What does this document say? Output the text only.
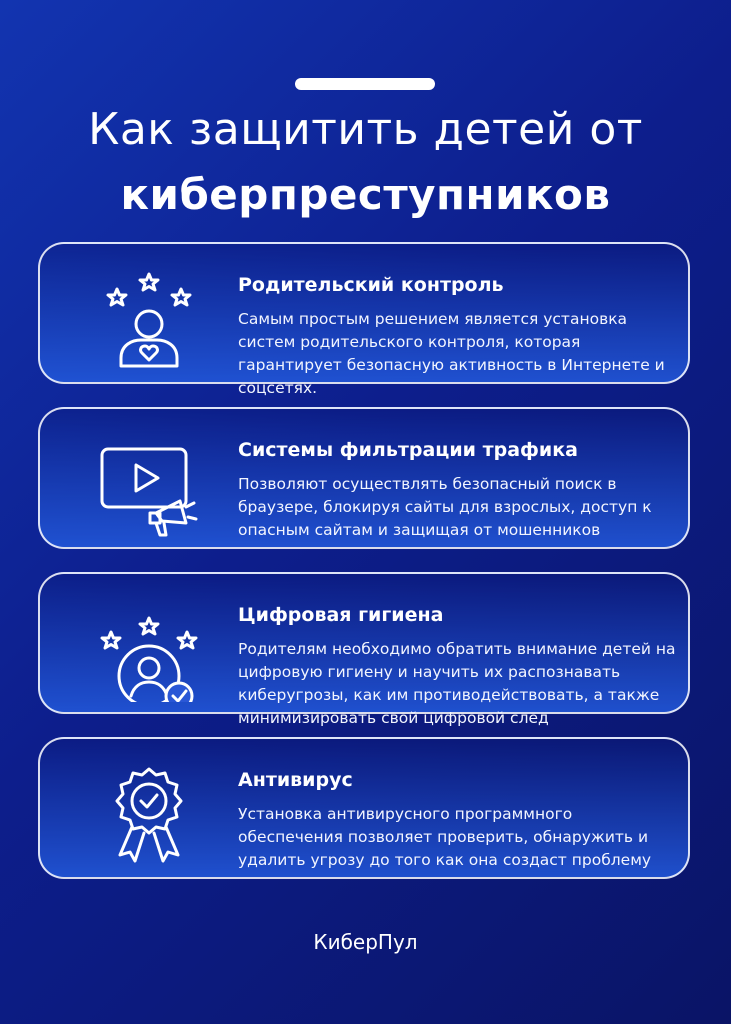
Как защитить детей от
киберпреступников
Родительский контроль
Самым простым решением является установка систем родительского контроля, которая гарантирует безопасную активность в Интернете и соцсетях.
Системы фильтрации трафика
Позволяют осуществлять безопасный поиск в браузере, блокируя сайты для взрослых, доступ к опасным сайтам и защищая от мошенников
Цифровая гигиена
Родителям необходимо обратить внимание детей на цифровую гигиену и научить их распознавать киберугрозы, как им противодействовать, а также минимизировать свой цифровой след
Антивирус
Установка антивирусного программного обеспечения позволяет проверить, обнаружить и удалить угрозу до того как она создаст проблему
КиберПул
